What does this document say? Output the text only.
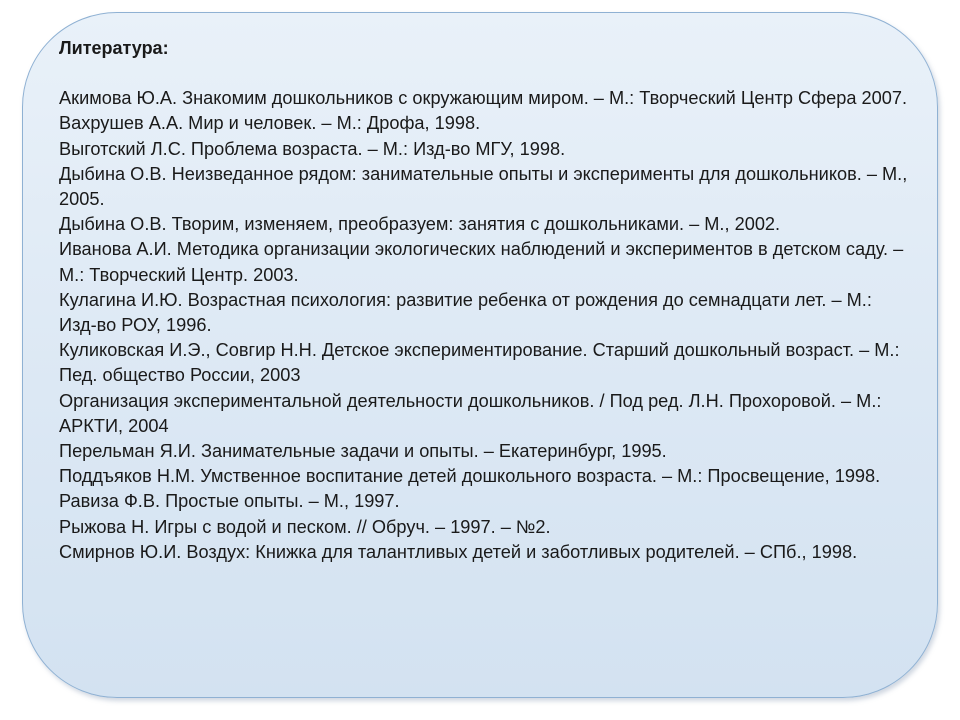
Литература:
Акимова Ю.А. Знакомим дошкольников с окружающим миром. – М.: Творческий Центр Сфера 2007.
Вахрушев А.А. Мир и человек. – М.: Дрофа, 1998.
Выготский Л.С. Проблема возраста. – М.: Изд-во МГУ, 1998.
Дыбина О.В. Неизведанное рядом: занимательные опыты и эксперименты для дошкольников. – М., 2005.
Дыбина О.В. Творим, изменяем, преобразуем: занятия с дошкольниками. – М., 2002.
Иванова А.И. Методика организации экологических наблюдений и экспериментов в детском саду. – М.: Творческий Центр. 2003.
Кулагина И.Ю. Возрастная психология: развитие ребенка от рождения до семнадцати лет. – М.: Изд-во РОУ, 1996.
Куликовская И.Э., Совгир Н.Н. Детское экспериментирование. Старший дошкольный возраст. – М.: Пед. общество России, 2003
Организация экспериментальной деятельности дошкольников. / Под ред. Л.Н. Прохоровой. – М.: АРКТИ, 2004
Перельман Я.И. Занимательные задачи и опыты. – Екатеринбург, 1995.
Поддъяков Н.М. Умственное воспитание детей дошкольного возраста. – М.: Просвещение, 1998.
Равиза Ф.В. Простые опыты. – М., 1997.
Рыжова Н. Игры с водой и песком. // Обруч. – 1997. – №2.
Смирнов Ю.И. Воздух: Книжка для талантливых детей и заботливых родителей. – СПб., 1998.
